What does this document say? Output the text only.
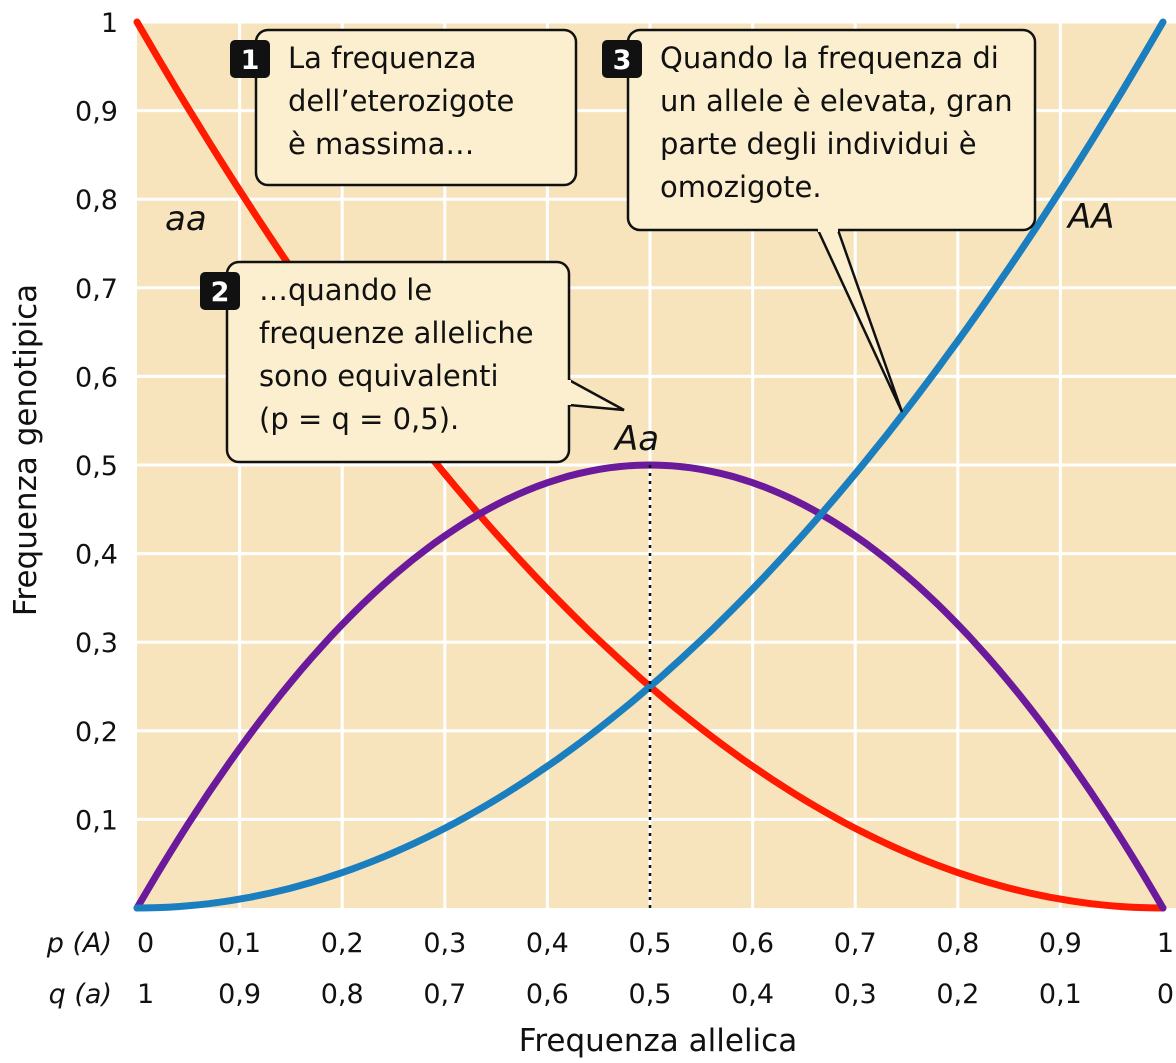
0,1
0,2
0,3
0,4
0,5
0,6
0,7
0,8
0,9
1
p (A) 0 0,1 0,2 0,3 0,4 0,5 0,6 0,7 0,8 0,9	1
q (a) 1 0,9 0,8 0,7 0,6 0,5 0,4 0,3 0,2 0,1	0
1 La frequenza
dell’eterozigote
è massima…
2 …quando le
frequenze alleliche
sono equivalenti
(p = q = 0,5).
3 Quando la frequenza di
un allele è elevata, gran
parte degli individui è
omozigote.
aa
Aa
AA
Frequenza genotipica
Frequenza allelica
